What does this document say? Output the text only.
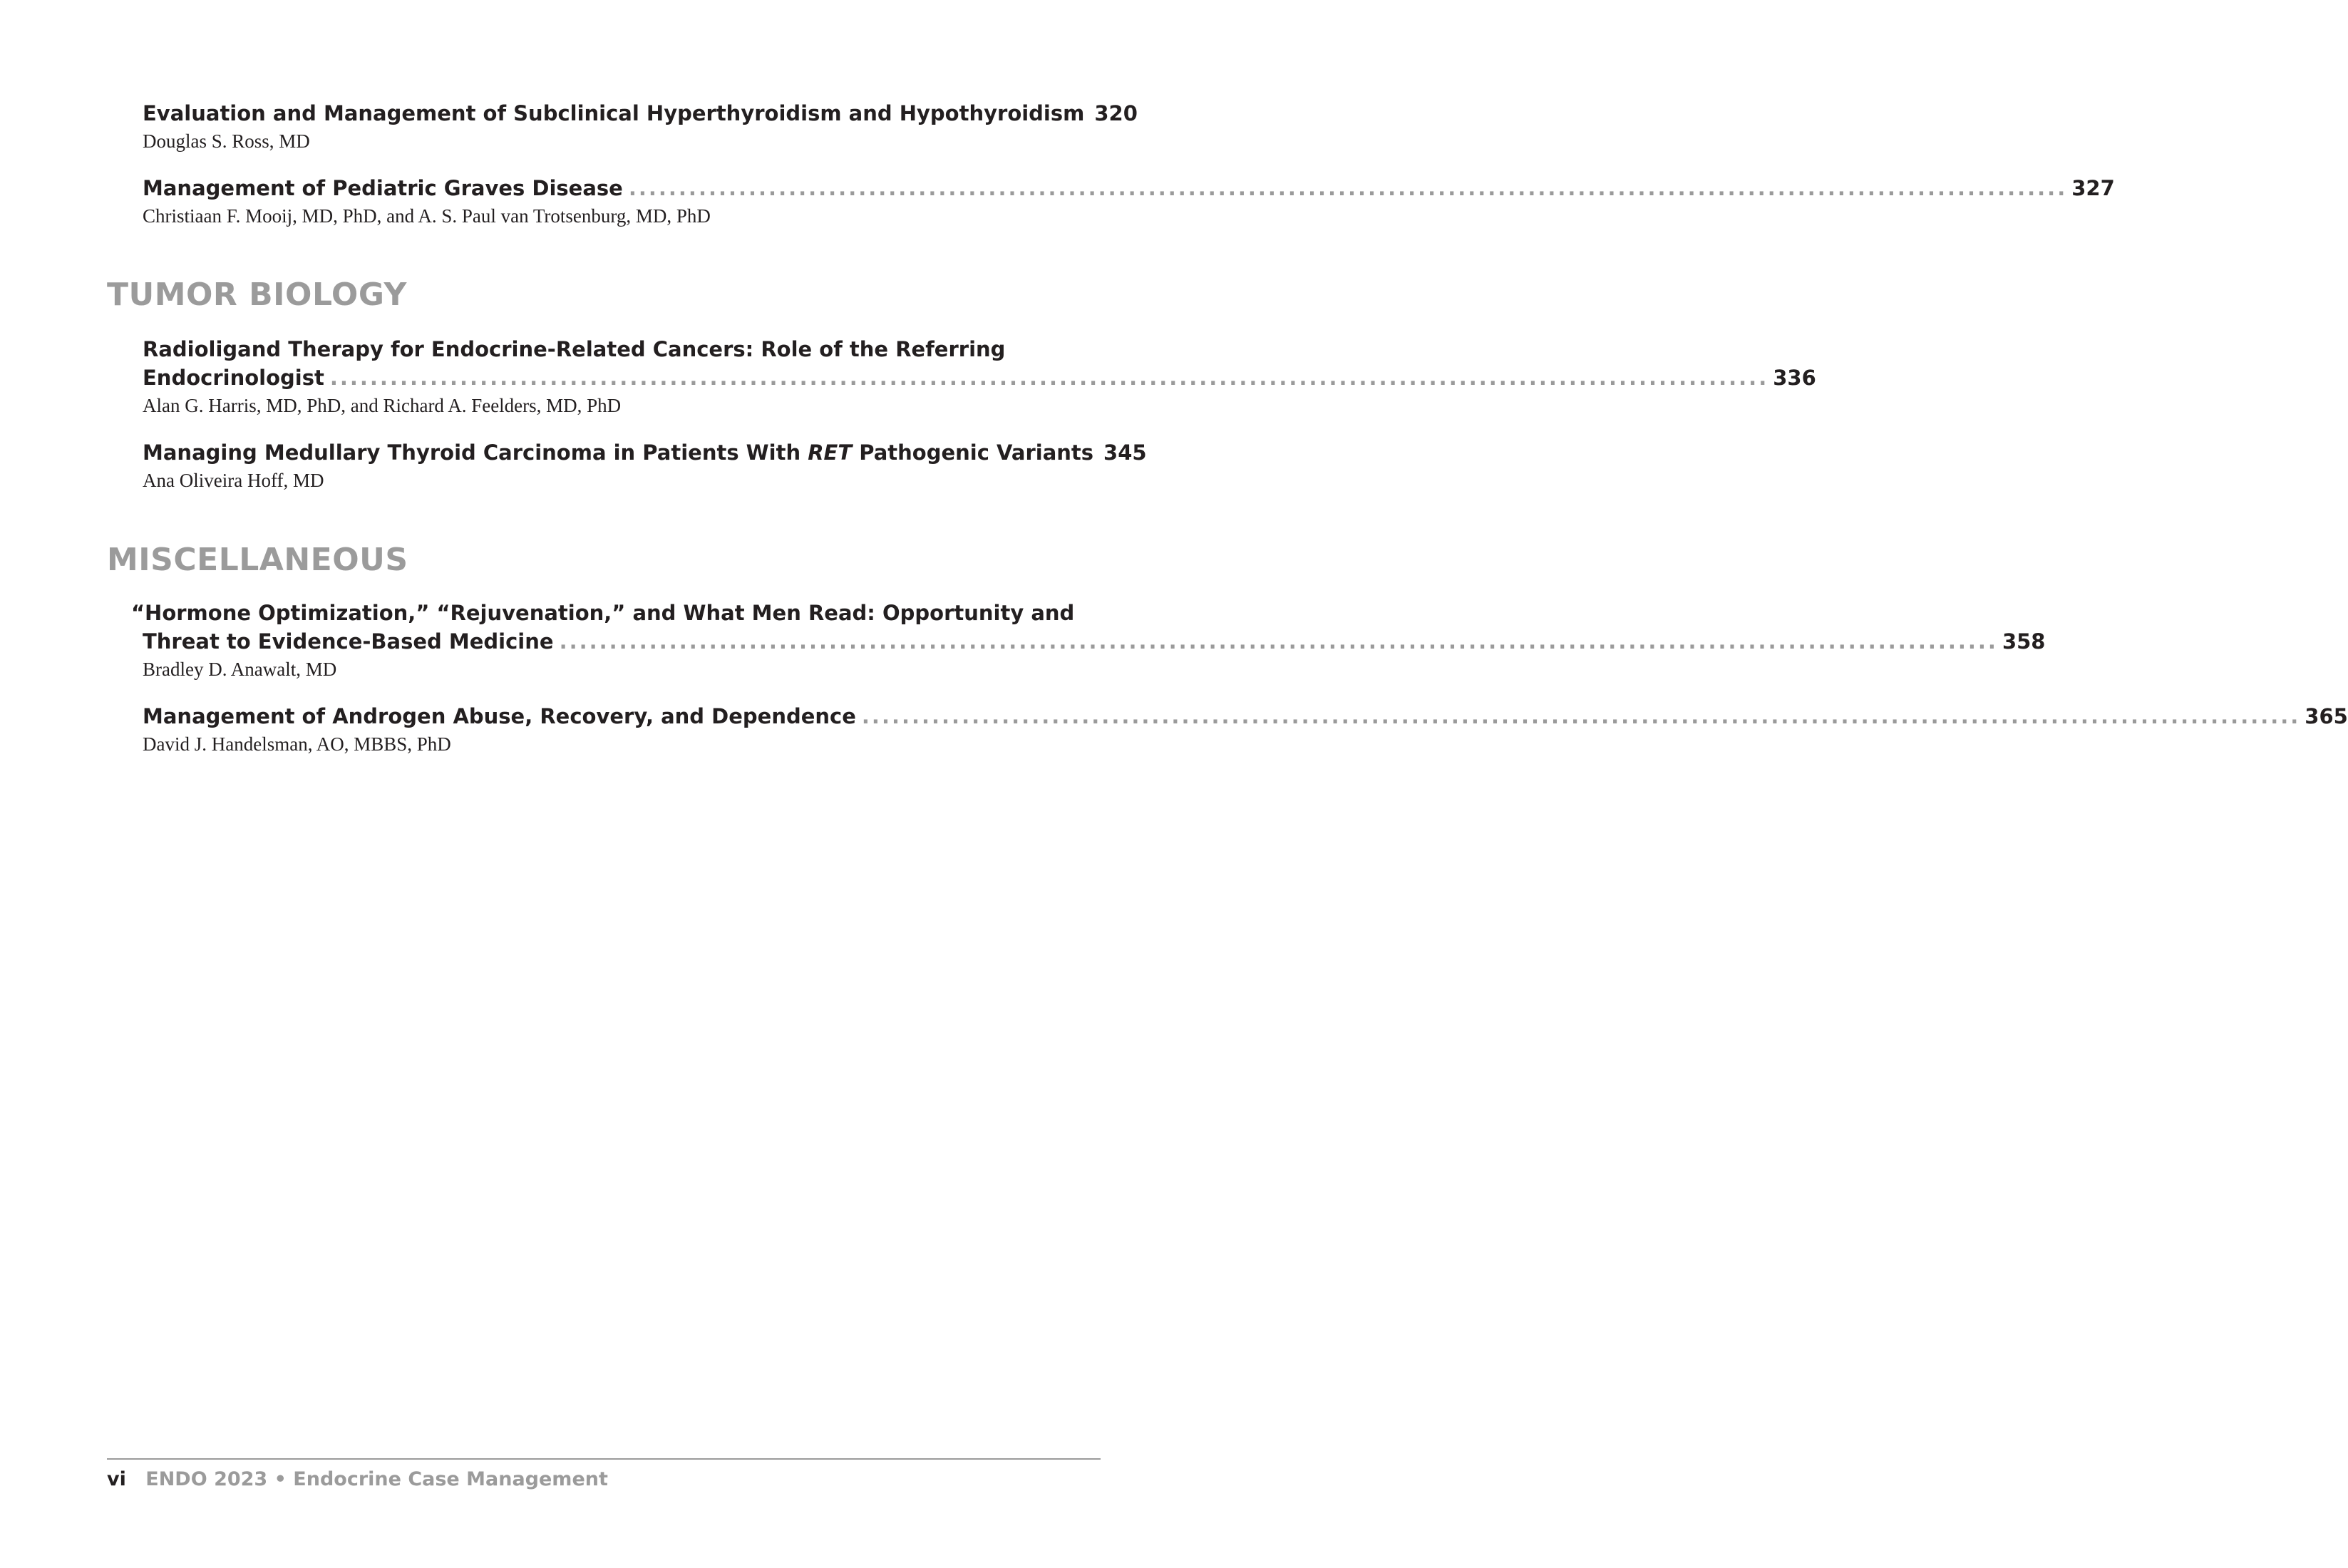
Evaluation and Management of Subclinical Hyperthyroidism and Hypothyroidism 320
Douglas S. Ross, MD
Management of Pediatric Graves Disease ................................................................................................................................................ 327
Christiaan F. Mooij, MD, PhD, and A. S. Paul van Trotsenburg, MD, PhD
TUMOR BIOLOGY
Radioligand Therapy for Endocrine-Related Cancers: Role of the Referring
Endocrinologist ................................................................................................................................................ 336
Alan G. Harris, MD, PhD, and Richard A. Feelders, MD, PhD
Managing Medullary Thyroid Carcinoma in Patients With RET Pathogenic Variants 345
Ana Oliveira Hoff, MD
MISCELLANEOUS
“Hormone Optimization,” “Rejuvenation,” and What Men Read: Opportunity and
Threat to Evidence-Based Medicine ................................................................................................................................................ 358
Bradley D. Anawalt, MD
Management of Androgen Abuse, Recovery, and Dependence ................................................................................................................................................ 365
David J. Handelsman, AO, MBBS, PhD
vi ENDO 2023 • Endocrine Case Management
